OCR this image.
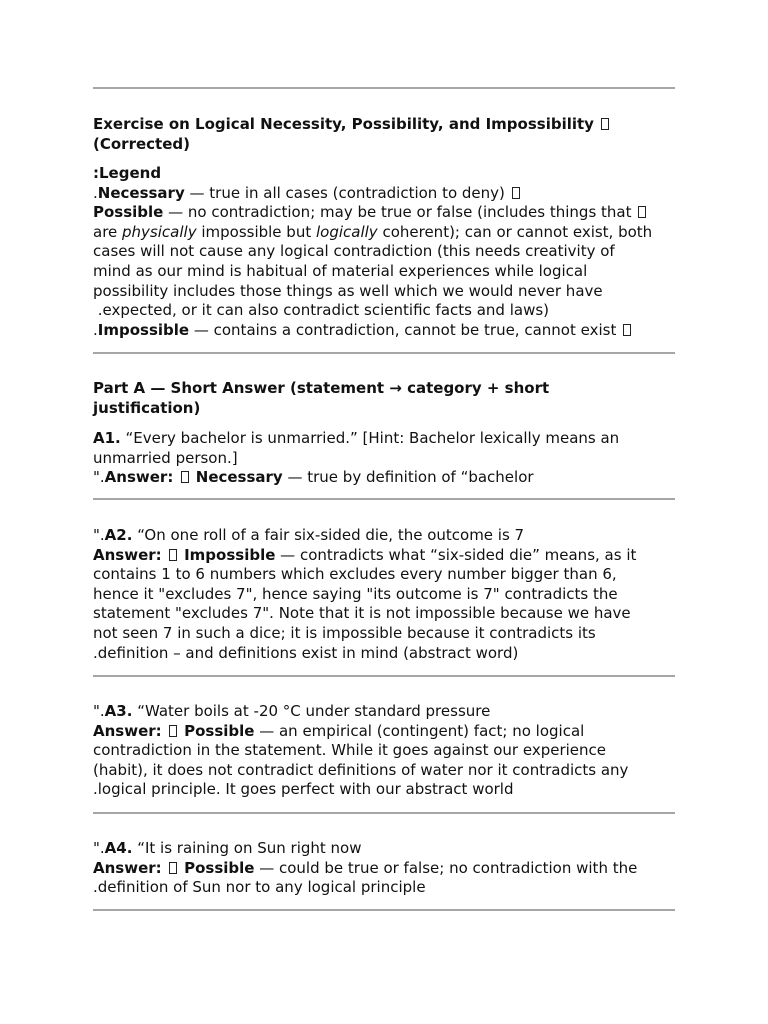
Exercise on Logical Necessity, Possibility, and Impossibility
(Corrected)
:Legend
.Necessary — true in all cases (contradiction to deny)
Possible — no contradiction; may be true or false (includes things that
are physically impossible but logically coherent); can or cannot exist, both
cases will not cause any logical contradiction (this needs creativity of
mind as our mind is habitual of material experiences while logical
possibility includes those things as well which we would never have
.expected, or it can also contradict scientific facts and laws)
.Impossible — contains a contradiction, cannot be true, cannot exist
Part A — Short Answer (statement → category + short
justification)
A1. “Every bachelor is unmarried.” [Hint: Bachelor lexically means an
unmarried person.]
".Answer:  Necessary — true by definition of “bachelor
".A2. “On one roll of a fair six-sided die, the outcome is 7
Answer:  Impossible — contradicts what “six-sided die” means, as it
contains 1 to 6 numbers which excludes every number bigger than 6,
hence it "excludes 7", hence saying "its outcome is 7" contradicts the
statement "excludes 7". Note that it is not impossible because we have
not seen 7 in such a dice; it is impossible because it contradicts its
.definition – and definitions exist in mind (abstract word)
".A3. “Water boils at -20 °C under standard pressure
Answer:  Possible — an empirical (contingent) fact; no logical
contradiction in the statement. While it goes against our experience
(habit), it does not contradict definitions of water nor it contradicts any
.logical principle. It goes perfect with our abstract world
".A4. “It is raining on Sun right now
Answer:  Possible — could be true or false; no contradiction with the
.definition of Sun nor to any logical principle
